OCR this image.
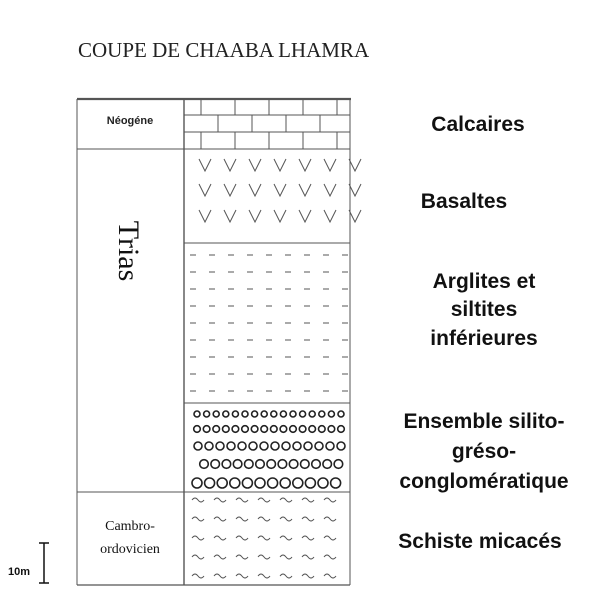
COUPE DE CHAABA LHAMRA
Néogéne
Trias
Cambro-
ordovicien
Calcaires
Basaltes
Arglites et
siltites
inférieures
Ensemble silito-
gréso-
conglomératique
Schiste micacés
10m
